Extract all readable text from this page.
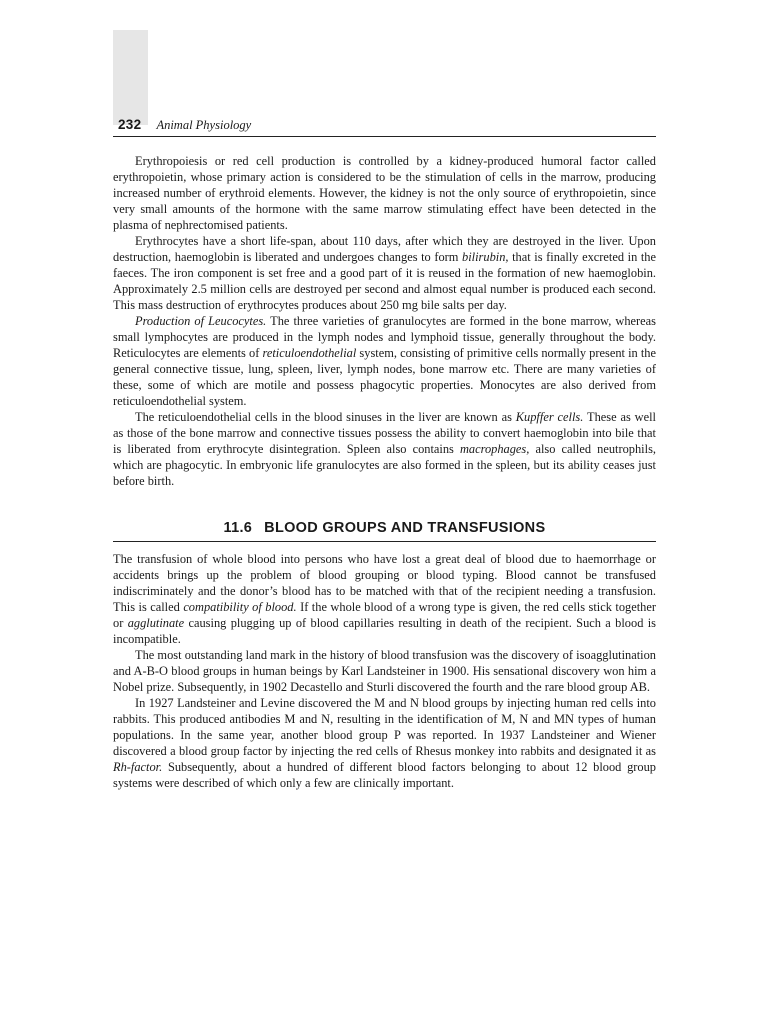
232 Animal Physiology

Erythropoiesis or red cell production is controlled by a kidney-produced humoral factor called erythropoietin, whose primary action is considered to be the stimulation of cells in the marrow, producing increased number of erythroid elements. However, the kidney is not the only source of erythropoietin, since very small amounts of the hormone with the same marrow stimulating effect have been detected in the plasma of nephrectomised patients.

Erythrocytes have a short life-span, about 110 days, after which they are destroyed in the liver. Upon destruction, haemoglobin is liberated and undergoes changes to form bilirubin, that is finally excreted in the faeces. The iron component is set free and a good part of it is reused in the formation of new haemoglobin. Approximately 2.5 million cells are destroyed per second and almost equal number is produced each second. This mass destruction of erythrocytes produces about 250 mg bile salts per day.

Production of Leucocytes. The three varieties of granulocytes are formed in the bone marrow, whereas small lymphocytes are produced in the lymph nodes and lymphoid tissue, generally throughout the body. Reticulocytes are elements of reticuloendothelial system, consisting of primitive cells normally present in the general connective tissue, lung, spleen, liver, lymph nodes, bone marrow etc. There are many varieties of these, some of which are motile and possess phagocytic properties. Monocytes are also derived from reticuloendothelial system.

The reticuloendothelial cells in the blood sinuses in the liver are known as Kupffer cells. These as well as those of the bone marrow and connective tissues possess the ability to convert haemoglobin into bile that is liberated from erythrocyte disintegration. Spleen also contains macrophages, also called neutrophils, which are phagocytic. In embryonic life granulocytes are also formed in the spleen, but its ability ceases just before birth.

11.6 BLOOD GROUPS AND TRANSFUSIONS

The transfusion of whole blood into persons who have lost a great deal of blood due to haemorrhage or accidents brings up the problem of blood grouping or blood typing. Blood cannot be transfused indiscriminately and the donor’s blood has to be matched with that of the recipient needing a transfusion. This is called compatibility of blood. If the whole blood of a wrong type is given, the red cells stick together or agglutinate causing plugging up of blood capillaries resulting in death of the recipient. Such a blood is incompatible.

The most outstanding land mark in the history of blood transfusion was the discovery of isoagglutination and A-B-O blood groups in human beings by Karl Landsteiner in 1900. His sensational discovery won him a Nobel prize. Subsequently, in 1902 Decastello and Sturli discovered the fourth and the rare blood group AB.

In 1927 Landsteiner and Levine discovered the M and N blood groups by injecting human red cells into rabbits. This produced antibodies M and N, resulting in the identification of M, N and MN types of human populations. In the same year, another blood group P was reported. In 1937 Landsteiner and Wiener discovered a blood group factor by injecting the red cells of Rhesus monkey into rabbits and designated it as Rh-factor. Subsequently, about a hundred of different blood factors belonging to about 12 blood group systems were described of which only a few are clinically important.
